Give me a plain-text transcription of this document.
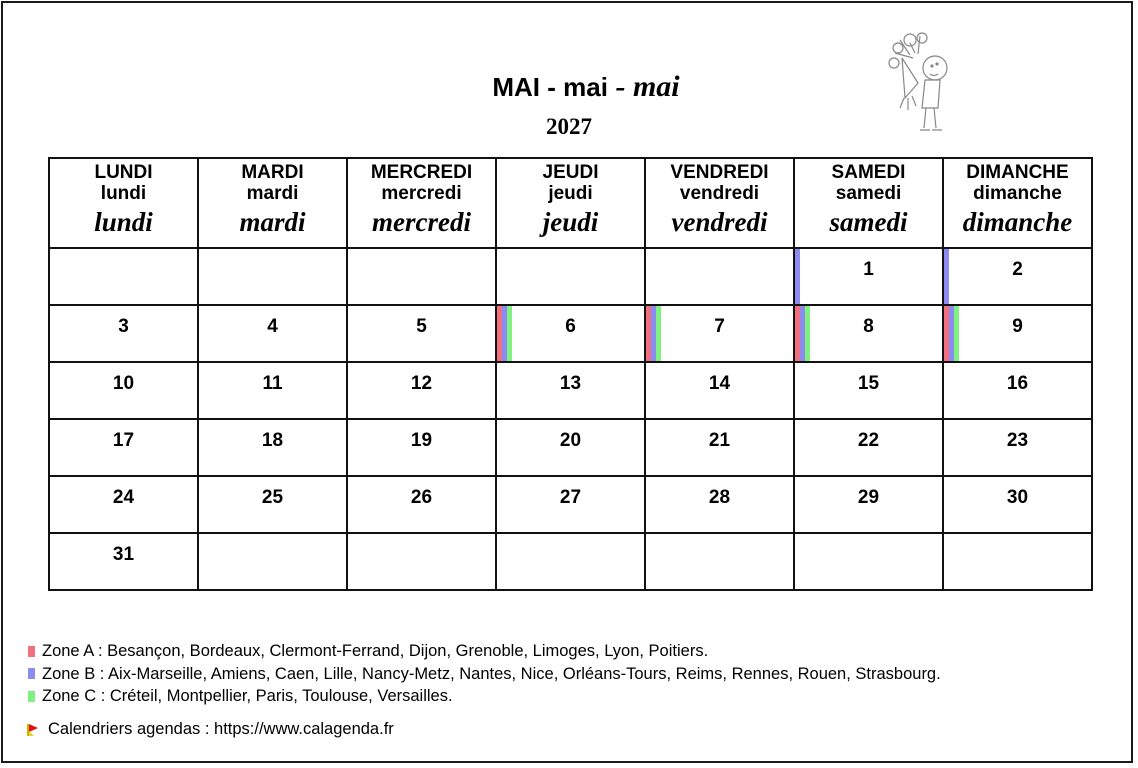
MAI - mai - mai
2027
LUNDI
lundi
lundi	MARDI
mardi
mardi	MERCREDI
mercredi
mercredi	JEUDI
jeudi
jeudi	VENDREDI
vendredi
vendredi	SAMEDI
samedi
samedi	DIMANCHE
dimanche
dimanche

					1	2

3	4	5	6	7	8	9

10	11	12	13	14	15	16

17	18	19	20	21	22	23

24	25	26	27	28	29	30

31						

Zone A : Besançon, Bordeaux, Clermont-Ferrand, Dijon, Grenoble, Limoges, Lyon, Poitiers.
Zone B : Aix-Marseille, Amiens, Caen, Lille, Nancy-Metz, Nantes, Nice, Orléans-Tours, Reims, Rennes, Rouen, Strasbourg.
Zone C : Créteil, Montpellier, Paris, Toulouse, Versailles.
Calendriers agendas : https://www.calagenda.fr
